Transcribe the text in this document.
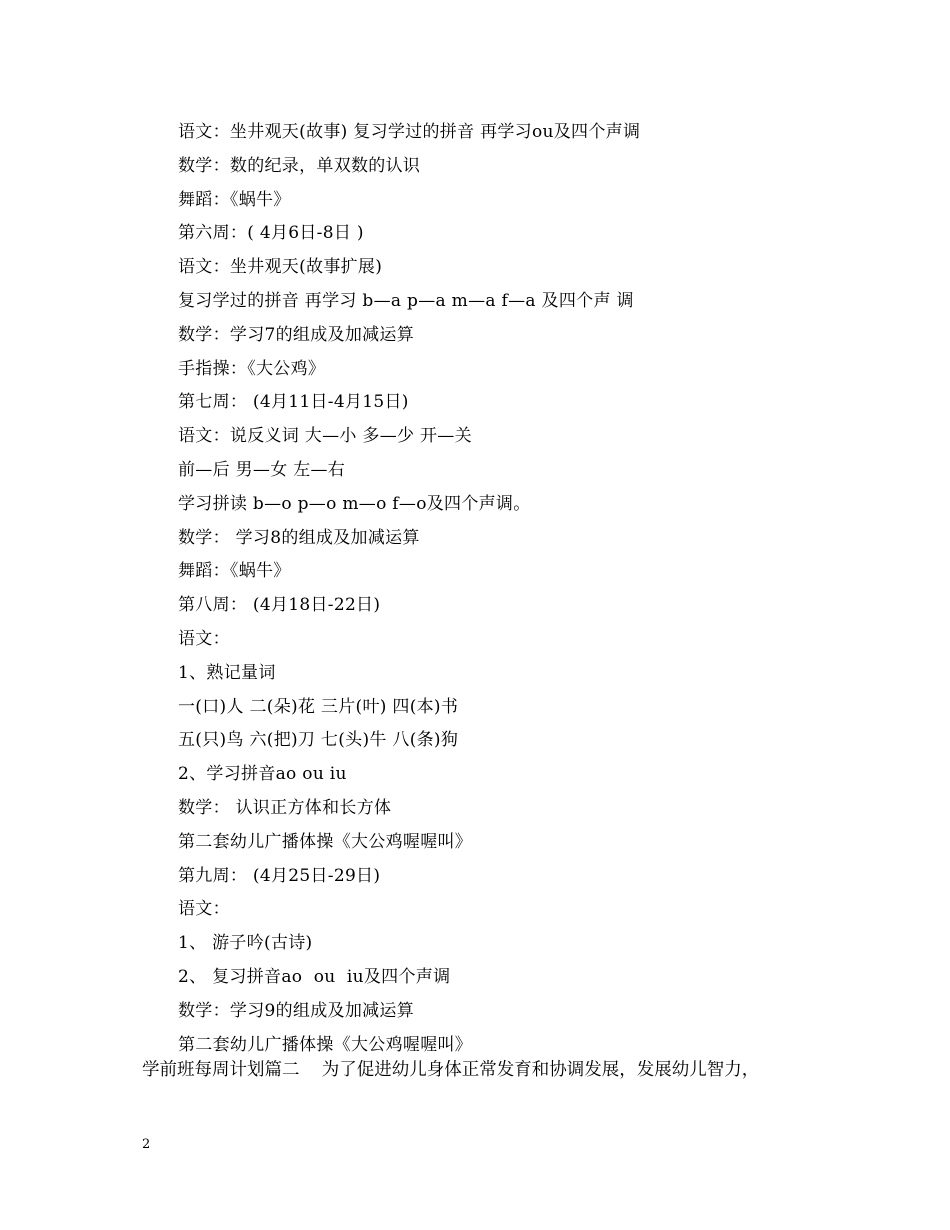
语文：坐井观天(故事) 复习学过的拼音 再学习ou及四个声调
数学：数的纪录，单双数的认识
舞蹈：《蜗牛》
第六周：( 4月6日-8日 )
语文：坐井观天(故事扩展)
复习学过的拼音 再学习 b—a p—a m—a f—a 及四个声 调
数学：学习7的组成及加减运算
手指操：《大公鸡》
第七周： (4月11日-4月15日)
语文：说反义词 大—小 多—少 开—关
前—后 男—女 左—右
学习拼读 b—o p—o m—o f—o及四个声调。
数学： 学习8的组成及加减运算
舞蹈：《蜗牛》
第八周： (4月18日-22日)
语文：
1、熟记量词
一(口)人 二(朵)花 三片(叶) 四(本)书
五(只)鸟 六(把)刀 七(头)牛 八(条)狗
2、学习拼音ao ou iu
数学： 认识正方体和长方体
第二套幼儿广播体操《大公鸡喔喔叫》
第九周： (4月25日-29日)
语文：
1、 游子吟(古诗)
2、 复习拼音ao  ou  iu及四个声调
数学：学习9的组成及加减运算
第二套幼儿广播体操《大公鸡喔喔叫》
学前班每周计划篇二    为了促进幼儿身体正常发育和协调发展，发展幼儿智力，
2
